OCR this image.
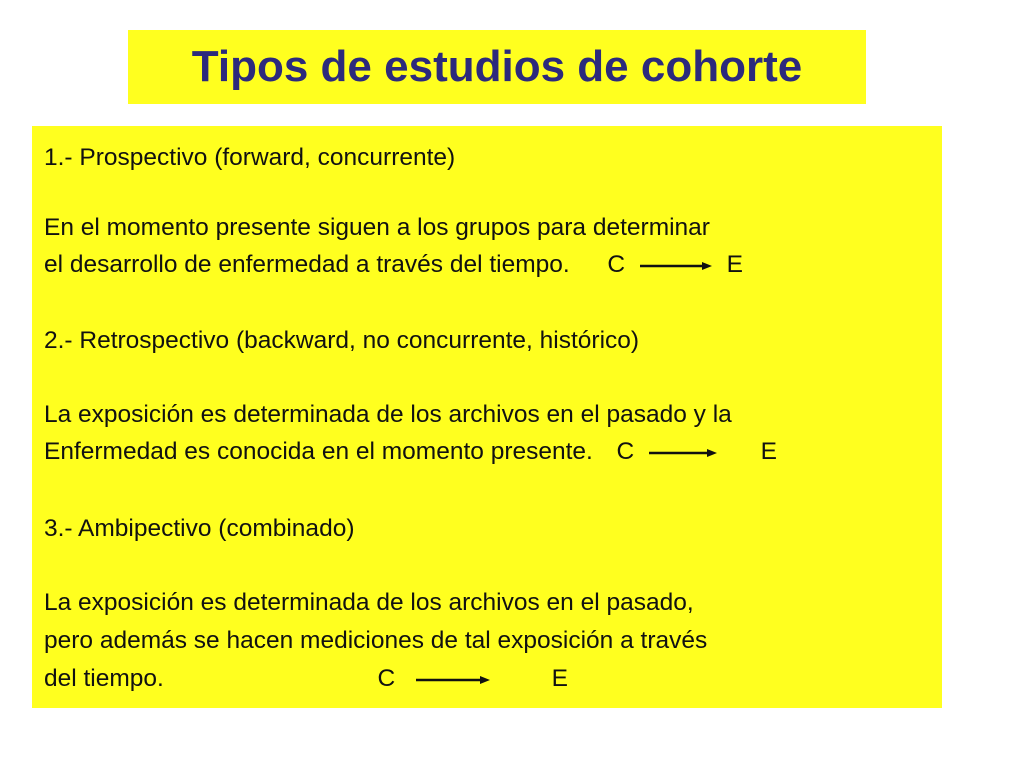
Tipos de estudios de cohorte
1.- Prospectivo (forward, concurrente)
En el momento presente siguen a los grupos para determinar
el desarrollo de enfermedad a través del tiempo. C	E
2.- Retrospectivo (backward, no concurrente, histórico)
La exposición es determinada de los archivos en el pasado y la
Enfermedad es conocida en el momento presente. C	E
3.- Ambipectivo (combinado)
La exposición es determinada de los archivos en el pasado,
pero además se hacen mediciones de tal exposición a través
del tiempo.	C	E
